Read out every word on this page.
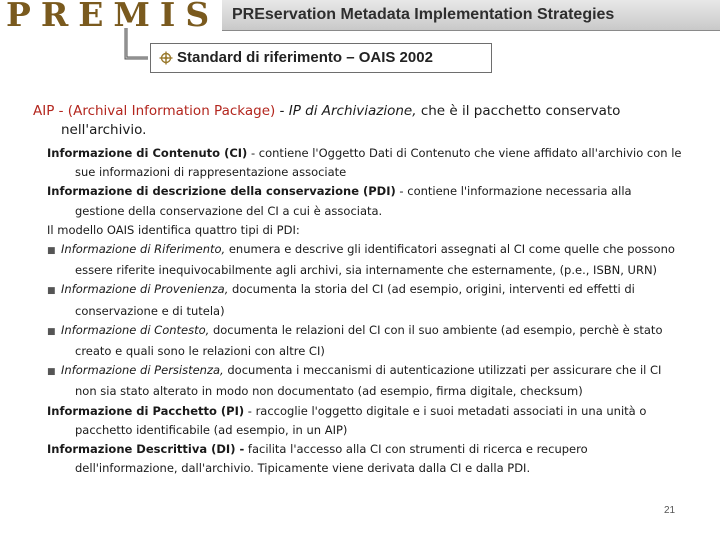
PREMIS PREservation Metadata Implementation Strategies
Standard di riferimento – OAIS 2002

AIP - (Archival Information Package) - IP di Archiviazione, che è il pacchetto conservato nell'archivio.

Informazione di Contenuto (CI) - contiene l'Oggetto Dati di Contenuto che viene affidato all'archivio con le sue informazioni di rappresentazione associate

Informazione di descrizione della conservazione (PDI) - contiene l'informazione necessaria alla gestione della conservazione del CI a cui è associata.

Il modello OAIS identifica quattro tipi di PDI:

■ Informazione di Riferimento, enumera e descrive gli identificatori assegnati al CI come quelle che possono essere riferite inequivocabilmente agli archivi, sia internamente che esternamente, (p.e., ISBN, URN)
■ Informazione di Provenienza, documenta la storia del CI (ad esempio, origini, interventi ed effetti di conservazione e di tutela)
■ Informazione di Contesto, documenta le relazioni del CI con il suo ambiente (ad esempio, perchè è stato creato e quali sono le relazioni con altre CI)
■ Informazione di Persistenza, documenta i meccanismi di autenticazione utilizzati per assicurare che il CI non sia stato alterato in modo non documentato (ad esempio, firma digitale, checksum)

Informazione di Pacchetto (PI) - raccoglie l'oggetto digitale e i suoi metadati associati in una unità o pacchetto identificabile (ad esempio, in un AIP)

Informazione Descrittiva (DI) - facilita l'accesso alla CI con strumenti di ricerca e recupero dell'informazione, dall'archivio. Tipicamente viene derivata dalla CI e dalla PDI.

21
